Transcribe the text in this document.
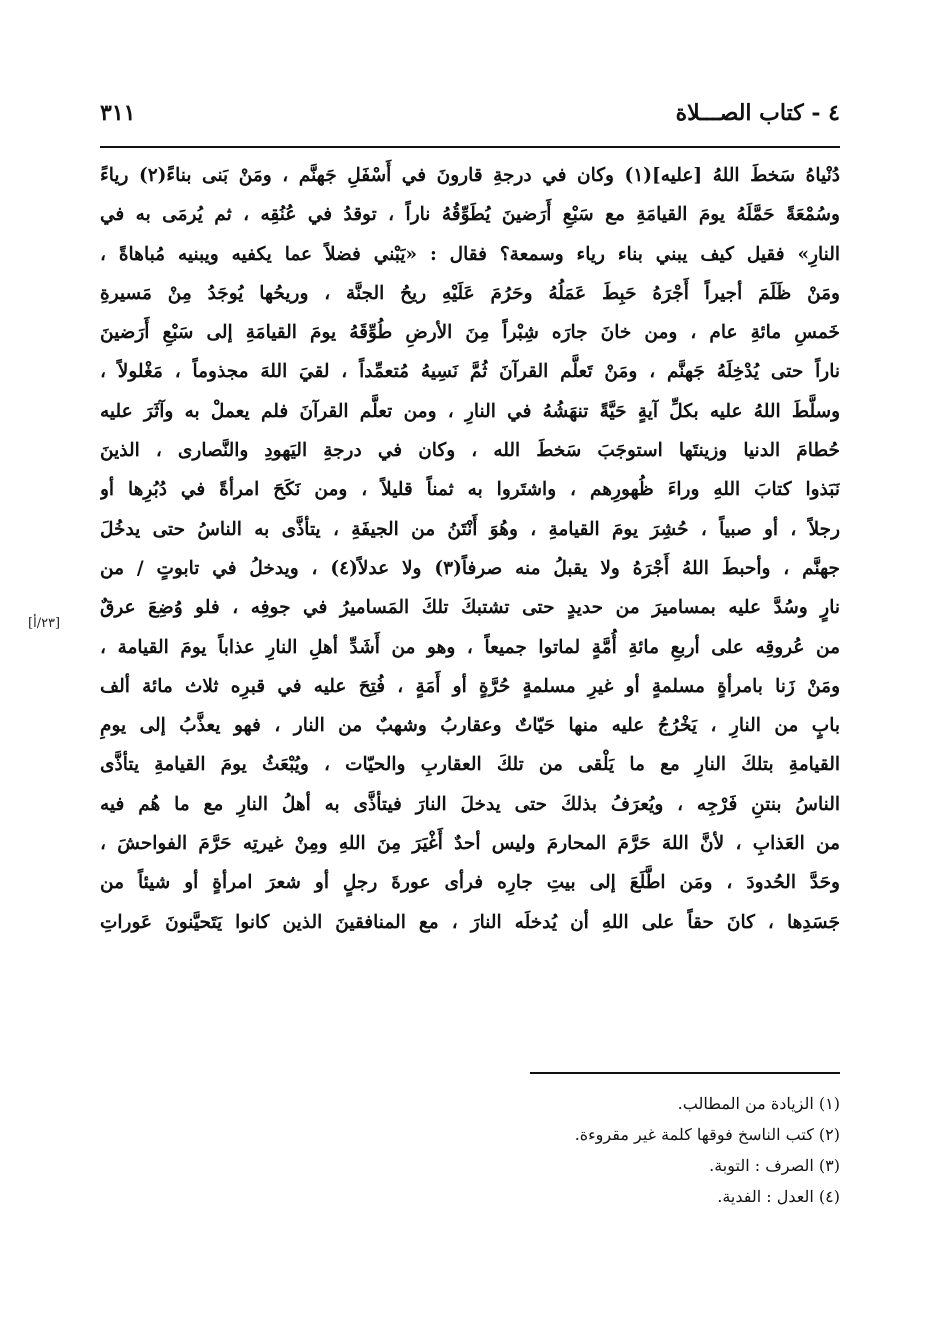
٤ - كتاب الصـــلاة
٣١١
دُنْياهُ سَخطَ اللهُ [عليه](١) وكان في درجةِ قارونَ في أَسْفَلِ جَهنَّم ، ومَنْ بَنى بناءً(٢) رياءً
وسُمْعَةً حَمَّلَهُ يومَ القيامَةِ مع سَبْعِ أَرَضينَ يُطَوِّقُهُ ناراً ، توقدُ في عُنُقِه ، ثم يُرمَى به في
النارِ» فقيل كيف يبني بناء رياء وسمعة؟ فقال : «يَبْني فضلاً عما يكفيه ويبنيه مُباهاةً ،
ومَنْ ظَلَمَ أجيراً أَجْرَهُ حَبِطَ عَمَلُهُ وحَرُمَ عَلَيْهِ ريحُ الجنَّة ، وريحُها يُوجَدُ مِنْ مَسيرةِ
خَمسِ مائةِ عام ، ومن خانَ جارَه شِبْراً مِنَ الأرضِ طُوِّقَهُ يومَ القيامَةِ إلى سَبْعِ أَرَضينَ
ناراً حتى يُدْخِلَهُ جَهنَّم ، ومَنْ تَعلَّم القرآنَ ثُمَّ نَسِيهُ مُتعمِّداً ، لقيَ اللهَ مجذوماً ، مَغْلولاً ،
وسلَّطَ اللهُ عليه بكلِّ آيةٍ حَيَّةً تنهَشُهُ في النارِ ، ومن تعلَّم القرآنَ فلم يعملْ به وآثَرَ عليه
حُطامَ الدنيا وزينتَها استوجَبَ سَخطَ الله ، وكان في درجةِ اليَهودِ والنَّصارى ، الذينَ
نَبَذوا كتابَ اللهِ وراءَ ظُهورِهم ، واشتَروا به ثمناً قليلاً ، ومن نَكَحَ امرأةً في دُبُرِها أو
رجلاً ، أو صبياً ، حُشِرَ يومَ القيامةِ ، وهُوَ أَنْتَنُ من الجيفَةِ ، يتأذَّى به الناسُ حتى يدخُلَ
جهنَّم ، وأحبطَ اللهُ أَجْرَهُ ولا يقبلُ منه صرفاً(٣) ولا عدلاً(٤) ، ويدخلُ في تابوتٍ / من
نارٍ وسُدَّ عليه بمساميرَ من حديدٍ حتى تشتبكَ تلكَ المَساميرُ في جوفِه ، فلو وُضِعَ عرقٌ
من عُروقِه على أربعِ مائةِ أُمَّةٍ لماتوا جميعاً ، وهو من أَشَدِّ أهلِ النارِ عذاباً يومَ القيامة ،
ومَنْ زَنا بامرأةٍ مسلمةٍ أو غيرِ مسلمةٍ حُرَّةٍ أو أَمَةٍ ، فُتِحَ عليه في قبرِه ثلاث مائة ألف
بابٍ من النارِ ، يَخْرُجُ عليه منها حَيّاتٌ وعقاربُ وشهبٌ من النار ، فهو يعذَّبُ إلى يومِ
القيامةِ بتلكَ النارِ مع ما يَلْقى من تلكَ العقاربِ والحيّات ، ويُبْعَثُ يومَ القيامةِ يتأذَّى
الناسُ بنتنِ فَرْجِه ، ويُعرَفُ بذلكَ حتى يدخلَ النارَ فيتأذَّى به أهلُ النارِ مع ما هُم فيه
من العَذابِ ، لأنَّ اللهَ حَرَّمَ المحارمَ وليس أحدٌ أَغْيَرَ مِنَ اللهِ ومِنْ غيرتِه حَرَّمَ الفواحشَ ،
وحَدَّ الحُدودَ ، ومَن اطَّلَعَ إلى بيتِ جارِه فرأى عورةَ رجلٍ أو شعرَ امرأةٍ أو شيئاً من
جَسَدِها ، كانَ حقاً على اللهِ أن يُدخلَه النارَ ، مع المنافقينَ الذين كانوا يَتَحيَّنونَ عَوراتِ
[٢٣/أ]
(١) الزيادة من المطالب.
(٢) كتب الناسخ فوقها كلمة غير مقروءة.
(٣) الصرف : التوبة.
(٤) العدل : الفدية.
